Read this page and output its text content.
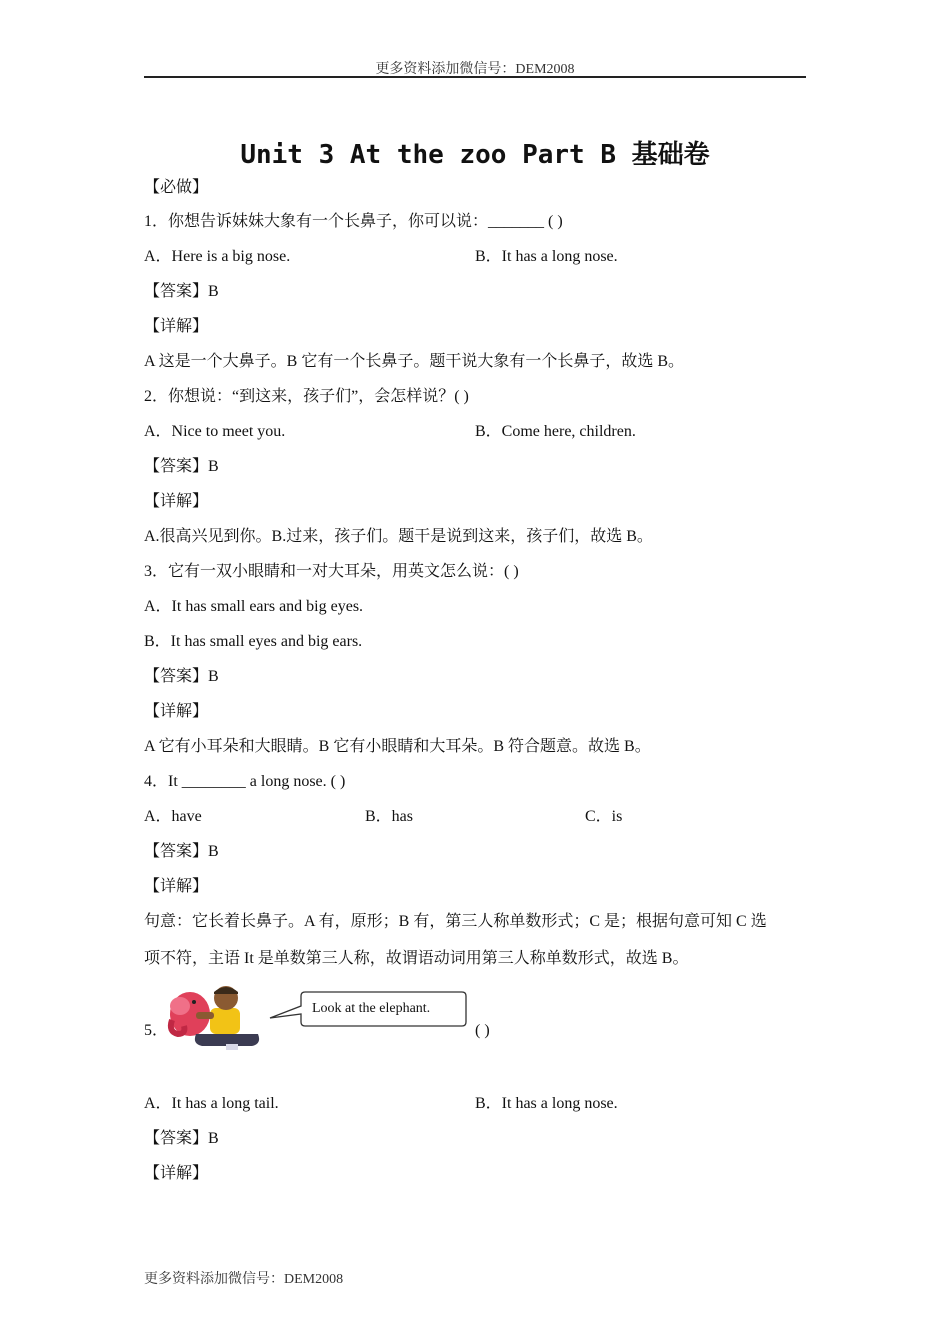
更多资料添加微信号：DEM2008
Unit 3 At the zoo Part B 基础卷
【必做】
1．你想告诉妹妹大象有一个长鼻子，你可以说：_______ ( )
A．Here is a big nose.	B．It has a long nose.
【答案】B
【详解】
A 这是一个大鼻子。B 它有一个长鼻子。题干说大象有一个长鼻子，故选 B。
2．你想说：“到这来，孩子们”，会怎样说？( )
A．Nice to meet you.	B．Come here, children.
【答案】B
【详解】
A.很高兴见到你。B.过来，孩子们。题干是说到这来，孩子们，故选 B。
3．它有一双小眼睛和一对大耳朵，用英文怎么说：( )
A．It has small ears and big eyes.
B．It has small eyes and big ears.
【答案】B
【详解】
A 它有小耳朵和大眼睛。B 它有小眼睛和大耳朵。B 符合题意。故选 B。
4．It ________ a long nose. ( )
A．have	B．has	C．is
【答案】B
【详解】
句意：它长着长鼻子。A 有，原形；B 有，第三人称单数形式；C 是；根据句意可知 C 选
项不符，主语 It 是单数第三人称，故谓语动词用第三人称单数形式，故选 B。
5．
Look at the elephant.
( )
A．It has a long tail.	B．It has a long nose.
【答案】B
【详解】
更多资料添加微信号：DEM2008
